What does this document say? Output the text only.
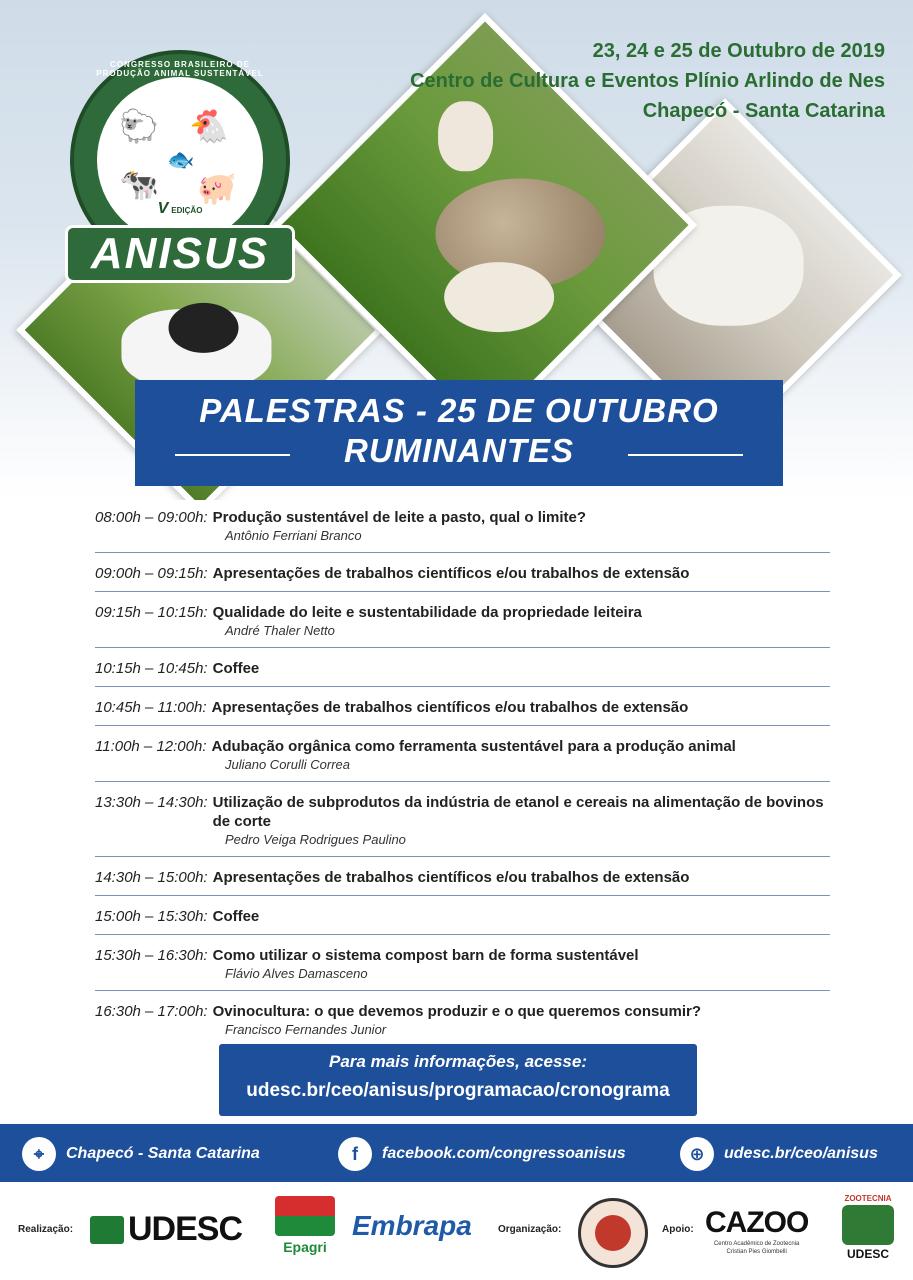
🐑 🐔
🐄
🐟
🐖
CONGRESSO BRASILEIRO DE PRODUÇÃO ANIMAL SUSTENTÁVEL
V EDIÇÃO
ANISUS
23, 24 e 25 de Outubro de 2019
Centro de Cultura e Eventos Plínio Arlindo de Nes
Chapecó - Santa Catarina
PALESTRAS - 25 DE OUTUBRO
RUMINANTES
08:00h – 09:00h: Produção sustentável de leite a pasto, qual o limite?
Antônio Ferriani Branco
09:00h – 09:15h: Apresentações de trabalhos científicos e/ou trabalhos de extensão
09:15h – 10:15h: Qualidade do leite e sustentabilidade da propriedade leiteira
André Thaler Netto
10:15h – 10:45h: Coffee
10:45h – 11:00h: Apresentações de trabalhos científicos e/ou trabalhos de extensão
11:00h – 12:00h: Adubação orgânica como ferramenta sustentável para a produção animal
Juliano Corulli Correa
13:30h – 14:30h: Utilização de subprodutos da indústria de etanol e cereais na alimentação de bovinos de corte
Pedro Veiga Rodrigues Paulino
14:30h – 15:00h: Apresentações de trabalhos científicos e/ou trabalhos de extensão
15:00h – 15:30h: Coffee
15:30h – 16:30h: Como utilizar o sistema compost barn de forma sustentável
Flávio Alves Damasceno
16:30h – 17:00h: Ovinocultura: o que devemos produzir e o que queremos consumir?
Francisco Fernandes Junior
Para mais informações, acesse:
udesc.br/ceo/anisus/programacao/cronograma
⌖	Chapecó - Santa Catarina	f	facebook.com/congressoanisus	⊕	udesc.br/ceo/anisus
Realização: UDESC	Epagri
Embrapa	Organização:	Apoio: CAZOO
Centro Acadêmico de Zootecnia
Cristian Pies Giombelli
ZOOTECNIA
UDESC
